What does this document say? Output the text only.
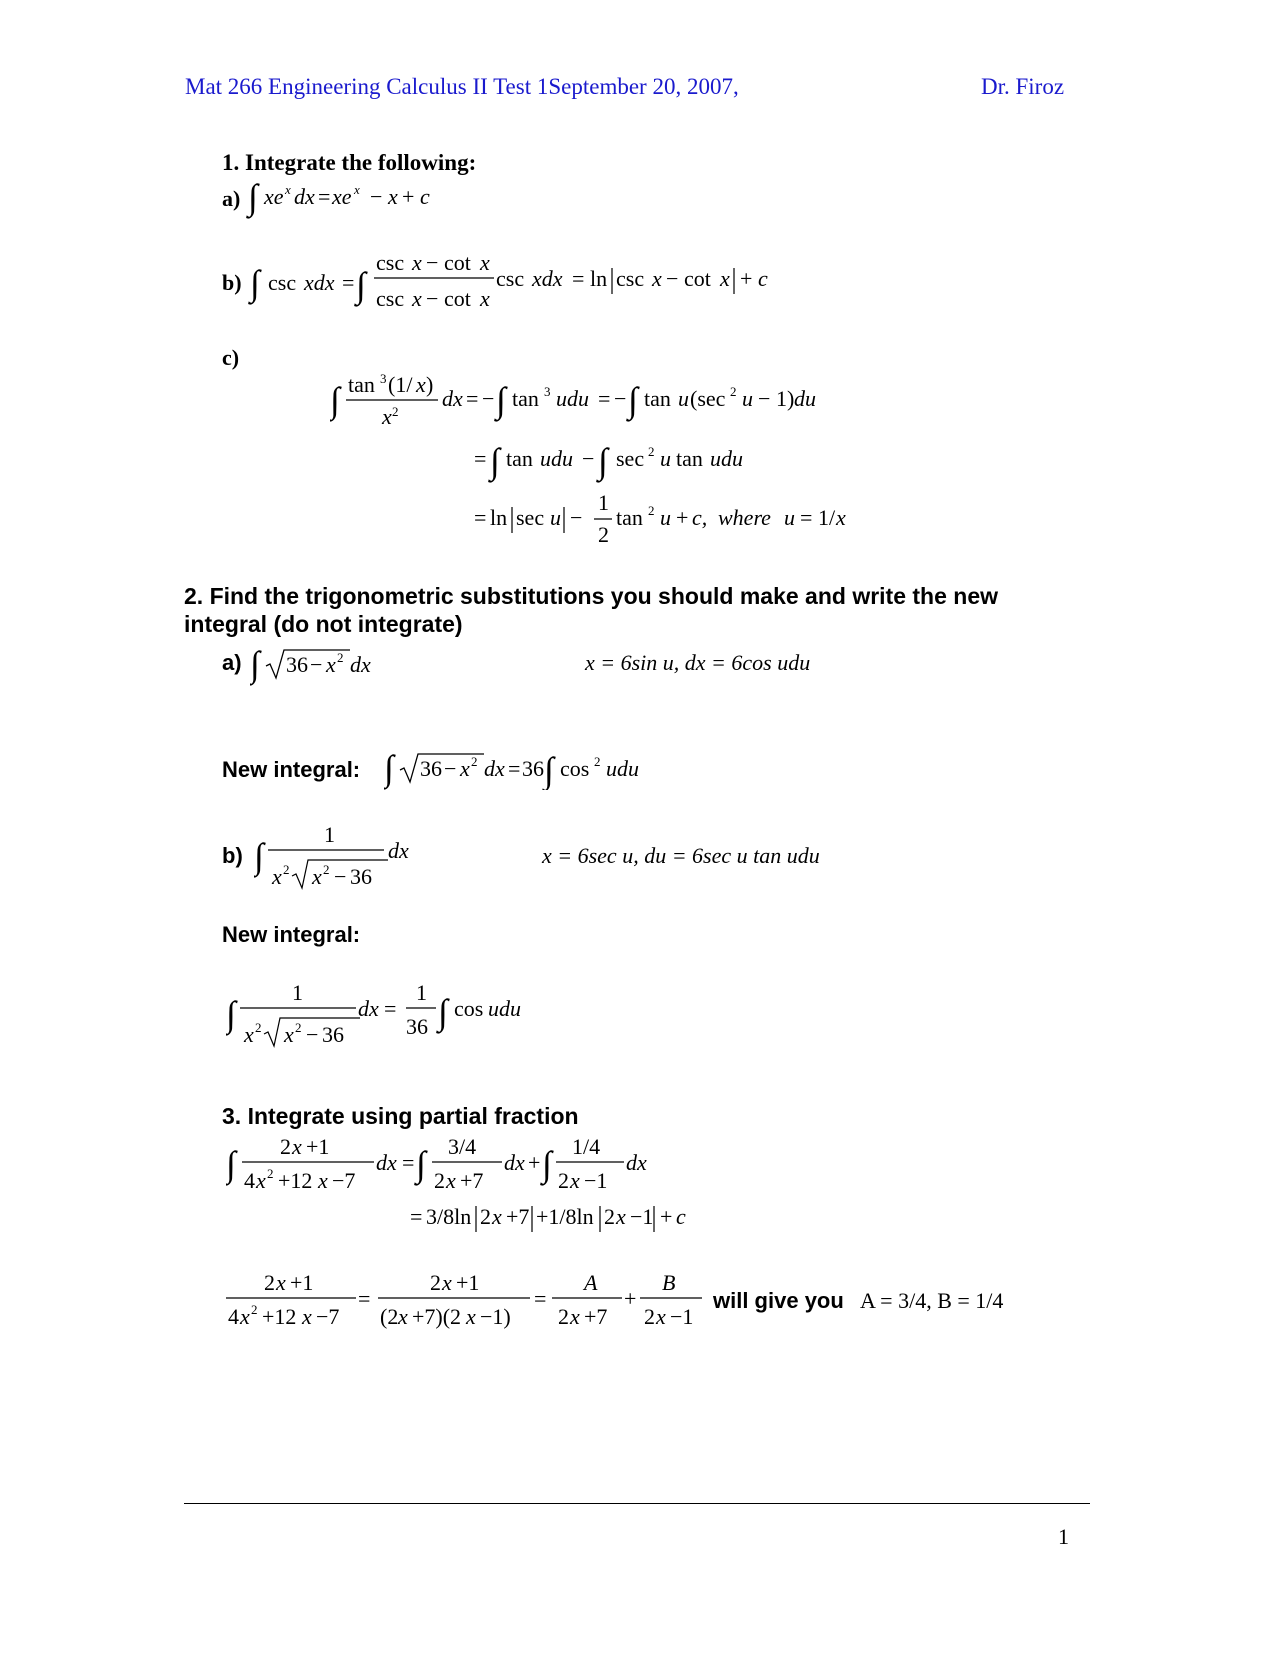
Mat 266 Engineering Calculus II Test 1September 20, 2007,	Dr. Firoz
1. Integrate the following:
a) ∫ xe x dx = xe x − x + c
b) ∫ csc xdx = ∫
csc x − cot x
csc x − cot x
csc xdx = ln csc x − cot x + c
c)
∫ tan 3 (1/ x )
x 2
dx = − ∫ tan 3 udu = − ∫ tan u (sec 2 u − 1) du
= ∫ tan udu − ∫ sec 2 u tan udu
= ln sec u −
1
2
tan 2 u + c, where u = 1/ x
2. Find the trigonometric substitutions you should make and write the new integral (do not integrate)
a) ∫ 36 − x 2 dx	x = 6sin u, dx = 6cos udu
New integral: ∫ 36 − x 2 dx = 36 ∫ cos 2 udu
b) ∫
1
x 2 x 2 − 36
dx	x = 6sec u, du = 6sec u tan udu
New integral:
∫
1
x 2 x 2 − 36
dx =
1
36 ∫ cos udu
3. Integrate using partial fraction
∫ 2 x +1
4 x 2 +12 x −7
dx = ∫ 3/4
2 x +7
dx + ∫ 1/4
2 x −1
dx
= 3/8ln 2 x +7 +1/8ln 2 x −1 + c
2 x +1
4 x 2 +12 x −7
=
2 x +1
(2 x +7)(2 x −1)
=
A
2 x +7
+
B
2 x −1
will give you A = 3/4, B = 1/4
1
